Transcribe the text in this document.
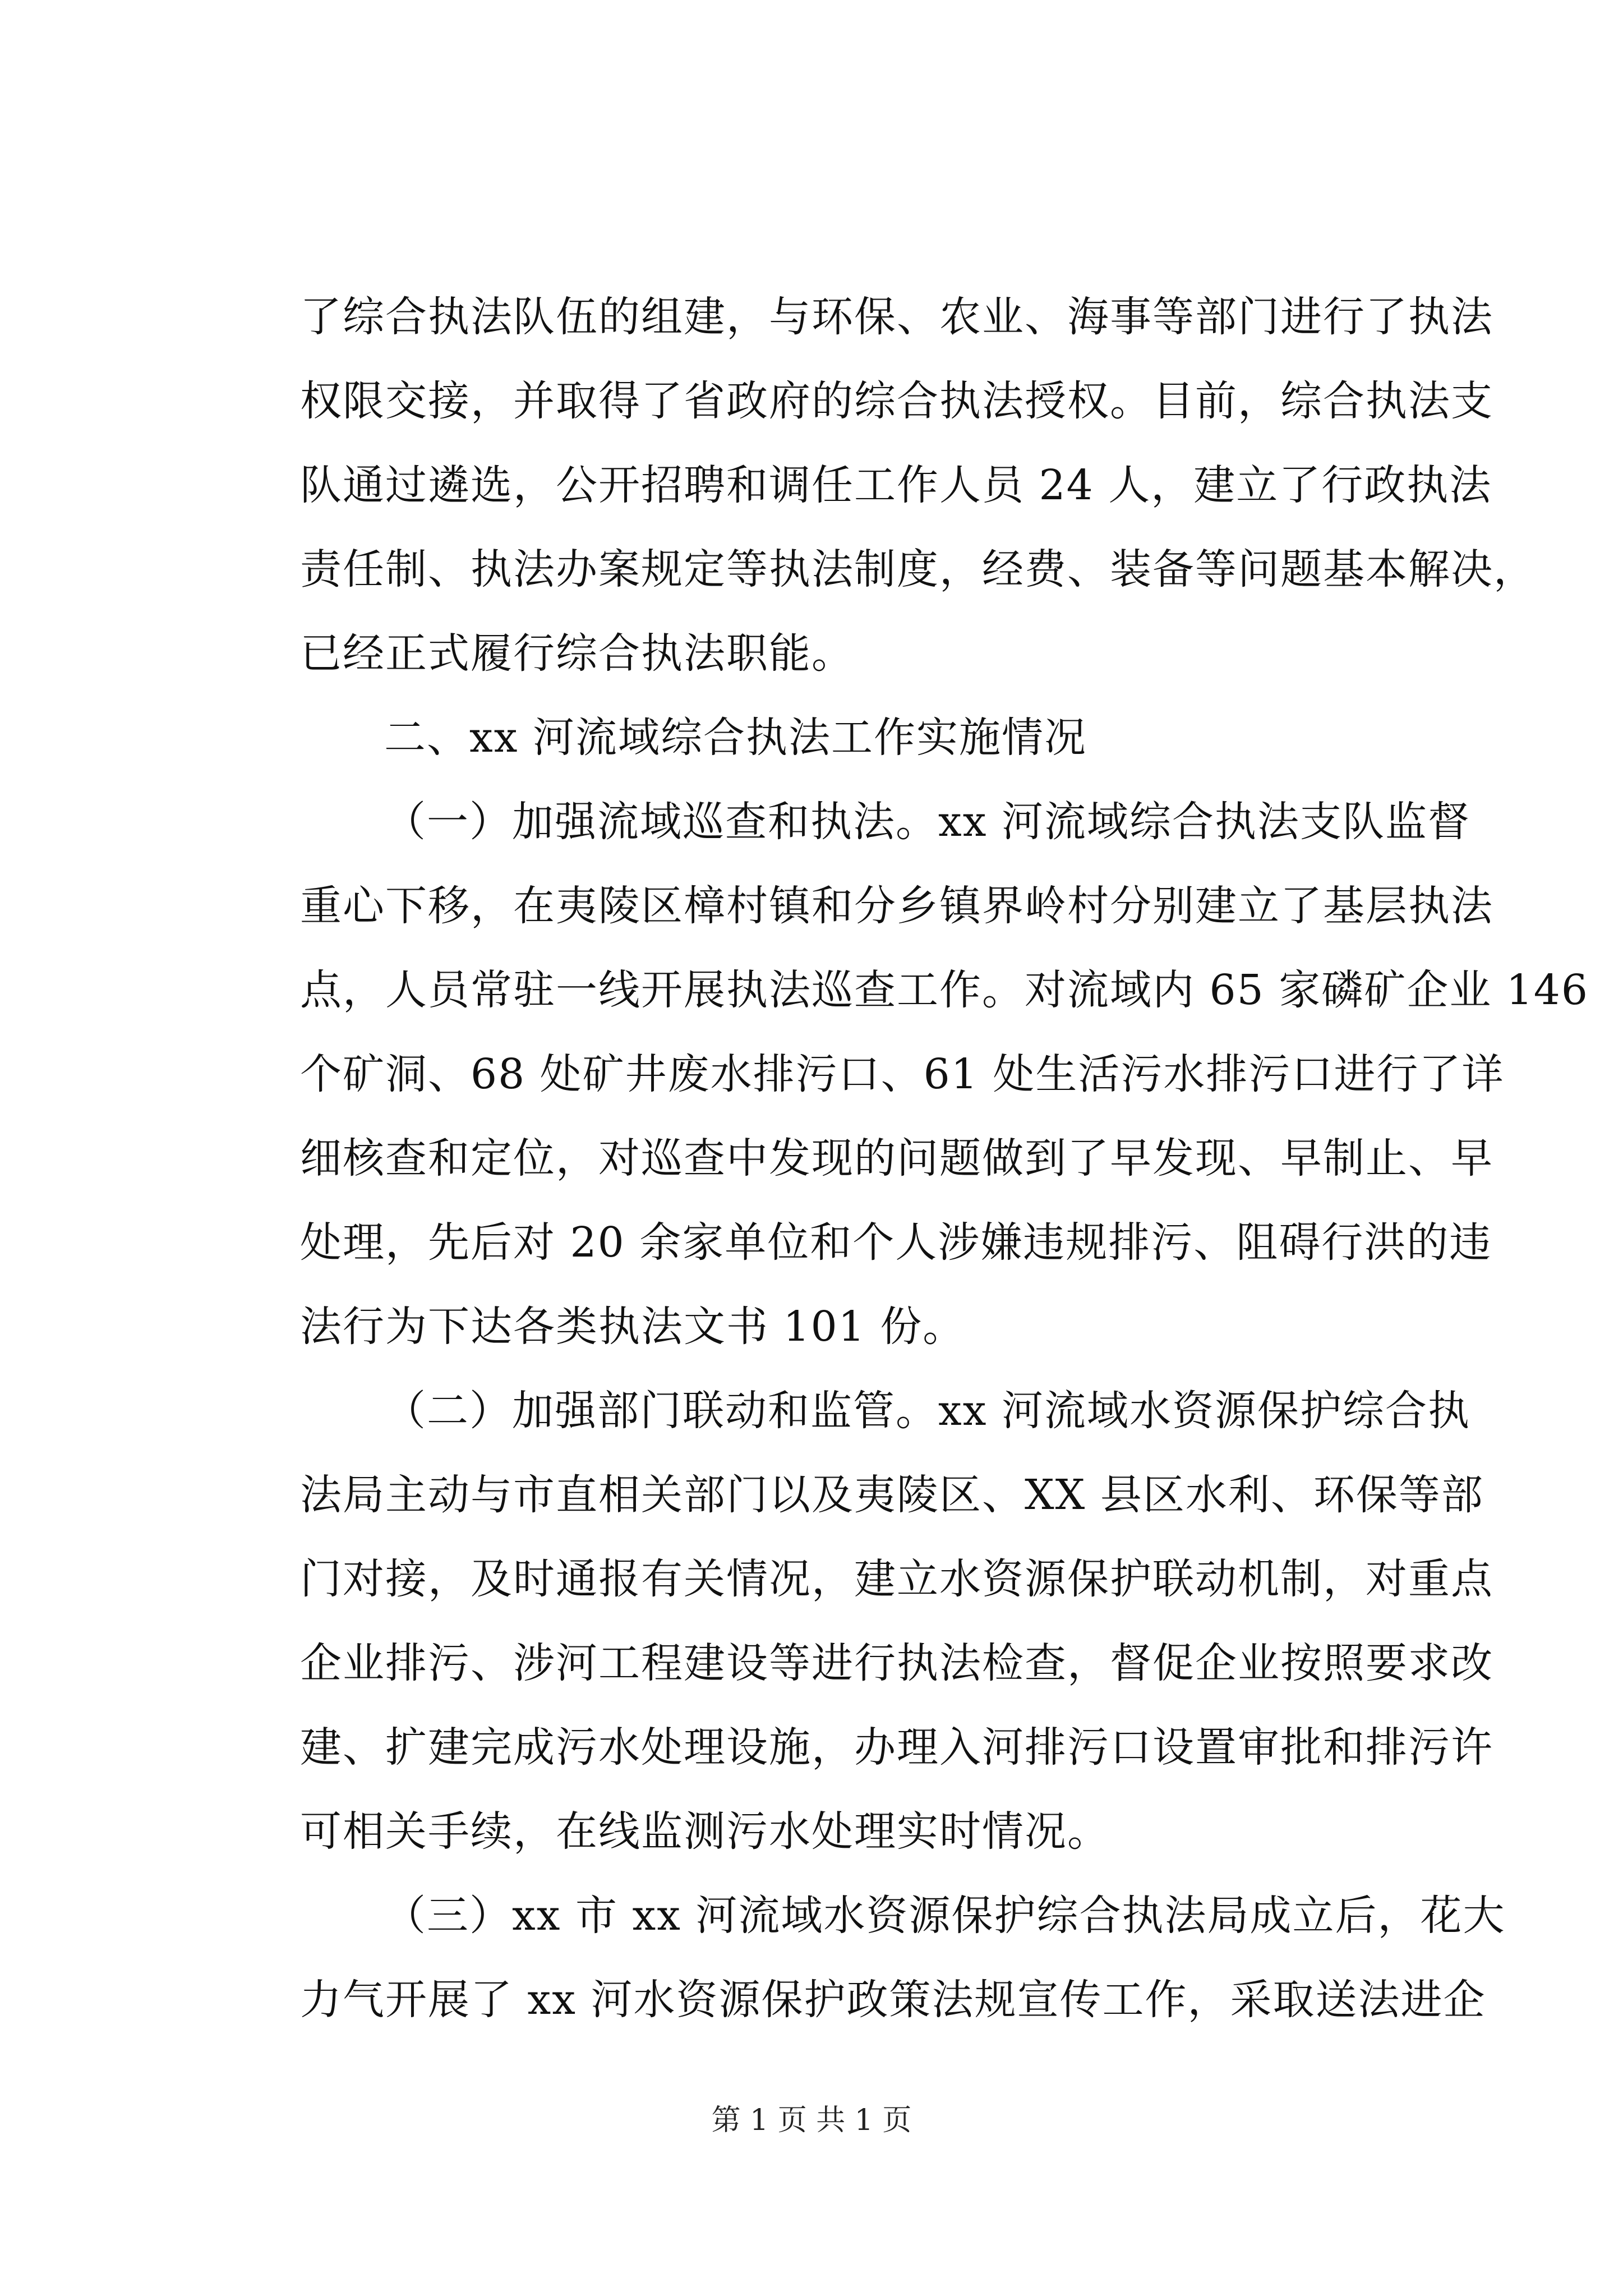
了综合执法队伍的组建，与环保、农业、海事等部门进行了执法
权限交接，并取得了省政府的综合执法授权。目前，综合执法支
队通过遴选，公开招聘和调任工作人员 24 人，建立了行政执法
责任制、执法办案规定等执法制度，经费、装备等问题基本解决，
已经正式履行综合执法职能。
二、xx 河流域综合执法工作实施情况
（一）加强流域巡查和执法。xx 河流域综合执法支队监督
重心下移，在夷陵区樟村镇和分乡镇界岭村分别建立了基层执法
点，人员常驻一线开展执法巡查工作。对流域内 65 家磷矿企业 146
个矿洞、68 处矿井废水排污口、61 处生活污水排污口进行了详
细核查和定位，对巡查中发现的问题做到了早发现、早制止、早
处理，先后对 20 余家单位和个人涉嫌违规排污、阻碍行洪的违
法行为下达各类执法文书 101 份。
（二）加强部门联动和监管。xx 河流域水资源保护综合执
法局主动与市直相关部门以及夷陵区、XX 县区水利、环保等部
门对接，及时通报有关情况，建立水资源保护联动机制，对重点
企业排污、涉河工程建设等进行执法检查，督促企业按照要求改
建、扩建完成污水处理设施，办理入河排污口设置审批和排污许
可相关手续，在线监测污水处理实时情况。
（三）xx 市 xx 河流域水资源保护综合执法局成立后，花大
力气开展了 xx 河水资源保护政策法规宣传工作，采取送法进企
第 1 页 共 1 页
